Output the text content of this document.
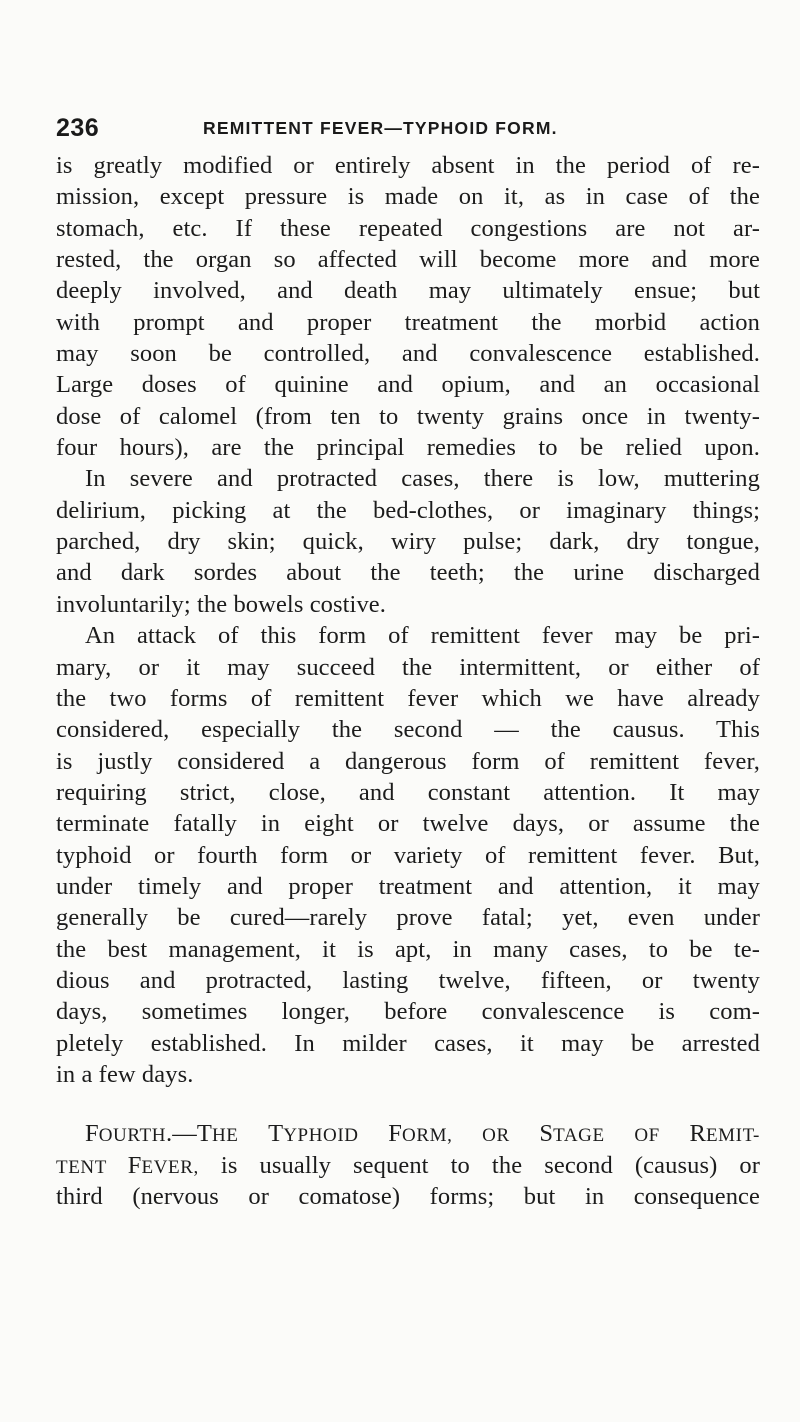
236	REMITTENT FEVER—TYPHOID FORM.
is greatly modified or entirely absent in the period of re-
mission, except pressure is made on it, as in case of the
stomach, etc. If these repeated congestions are not ar-
rested, the organ so affected will become more and more
deeply involved, and death may ultimately ensue; but
with prompt and proper treatment the morbid action
may soon be controlled, and convalescence established.
Large doses of quinine and opium, and an occasional
dose of calomel (from ten to twenty grains once in twenty-
four hours), are the principal remedies to be relied upon.
In severe and protracted cases, there is low, muttering
delirium, picking at the bed-clothes, or imaginary things;
parched, dry skin; quick, wiry pulse; dark, dry tongue,
and dark sordes about the teeth; the urine discharged
involuntarily; the bowels costive.
An attack of this form of remittent fever may be pri-
mary, or it may succeed the intermittent, or either of
the two forms of remittent fever which we have already
considered, especially the second — the causus. This
is justly considered a dangerous form of remittent fever,
requiring strict, close, and constant attention. It may
terminate fatally in eight or twelve days, or assume the
typhoid or fourth form or variety of remittent fever. But,
under timely and proper treatment and attention, it may
generally be cured—rarely prove fatal; yet, even under
the best management, it is apt, in many cases, to be te-
dious and protracted, lasting twelve, fifteen, or twenty
days, sometimes longer, before convalescence is com-
pletely established. In milder cases, it may be arrested
in a few days.
FOURTH.—THE TYPHOID FORM, OR STAGE OF REMIT-
TENT FEVER, is usually sequent to the second (causus) or
third (nervous or comatose) forms; but in consequence
